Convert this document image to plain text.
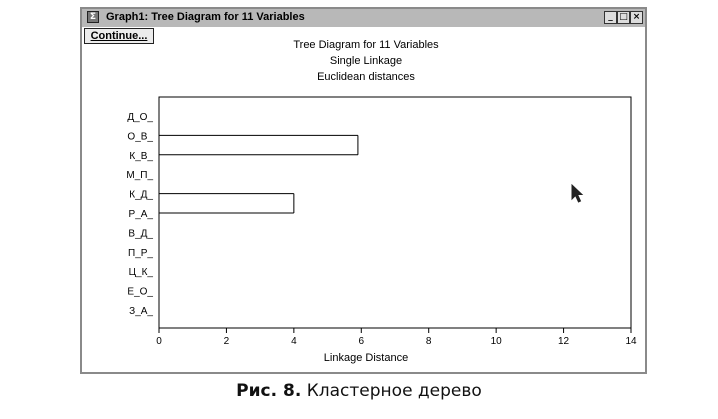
Σ Graph1: Tree Diagram for 11 Variables	_ □ ×
Continue...
Tree Diagram for 11 Variables
Single Linkage
Euclidean distances
Д_О_
О_В_
К_В_
М_П_
К_Д_
Р_А_
В_Д_
П_Р_
Ц_К_
Е_О_
З_А_
0	2	4	6	8	10	12	14
Linkage Distance
Рис. 8. Кластерное дерево
